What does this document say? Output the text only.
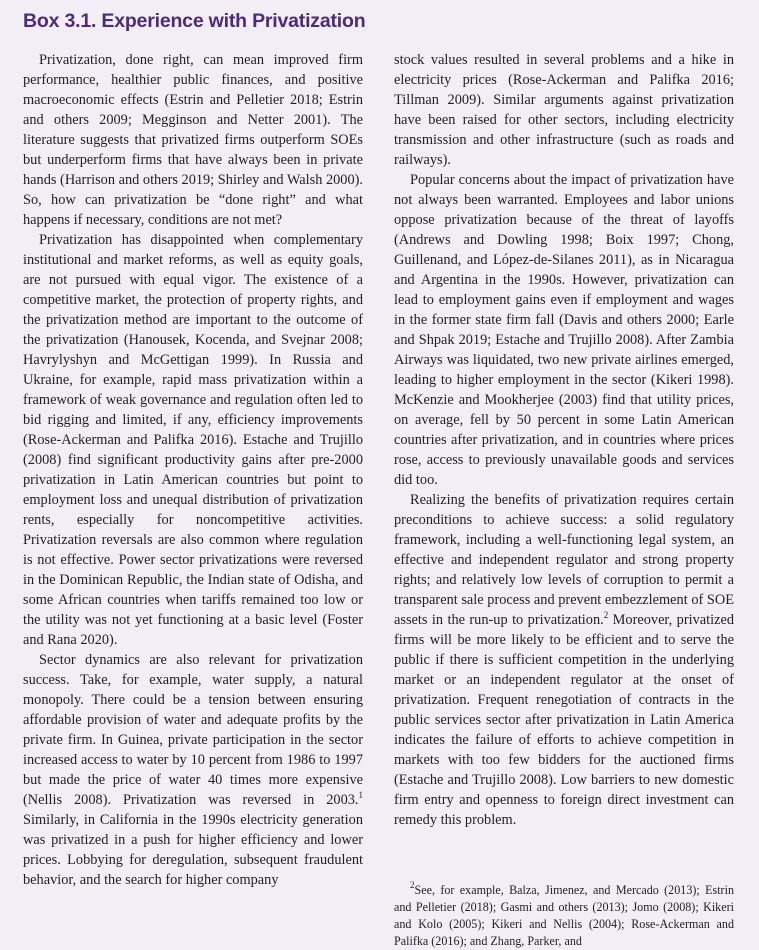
Box 3.1. Experience with Privatization

Privatization, done right, can mean improved firm performance, healthier public finances, and positive macroeconomic effects (Estrin and Pelletier 2018; Estrin and others 2009; Megginson and Netter 2001). The literature suggests that privatized firms outperform SOEs but underperform firms that have always been in private hands (Harrison and others 2019; Shirley and Walsh 2000). So, how can privatization be “done right” and what happens if necessary, conditions are not met?

Privatization has disappointed when complementary institutional and market reforms, as well as equity goals, are not pursued with equal vigor. The existence of a competitive market, the protection of property rights, and the privatization method are important to the outcome of the privatization (Hanousek, Kocenda, and Svejnar 2008; Havrylyshyn and McGettigan 1999). In Russia and Ukraine, for example, rapid mass privatization within a framework of weak governance and regulation often led to bid rigging and limited, if any, efficiency improvements (Rose-Ackerman and Palifka 2016). Estache and Trujillo (2008) find significant productivity gains after pre-2000 privatization in Latin American countries but point to employment loss and unequal distribution of privatization rents, especially for noncompetitive activities. Privatization reversals are also common where regulation is not effective. Power sector privatizations were reversed in the Dominican Republic, the Indian state of Odisha, and some African countries when tariffs remained too low or the utility was not yet functioning at a basic level (Foster and Rana 2020).

Sector dynamics are also relevant for privatization success. Take, for example, water supply, a natural monopoly. There could be a tension between ensuring affordable provision of water and adequate profits by the private firm. In Guinea, private participation in the sector increased access to water by 10 percent from 1986 to 1997 but made the price of water 40 times more expensive (Nellis 2008). Privatization was reversed in 2003.$^1$ Similarly, in California in the 1990s electricity generation was privatized in a push for higher efficiency and lower prices. Lobbying for deregulation, subsequent fraudulent behavior, and the search for higher company

stock values resulted in several problems and a hike in electricity prices (Rose-Ackerman and Palifka 2016; Tillman 2009). Similar arguments against privatization have been raised for other sectors, including electricity transmission and other infrastructure (such as roads and railways).

Popular concerns about the impact of privatization have not always been warranted. Employees and labor unions oppose privatization because of the threat of layoffs (Andrews and Dowling 1998; Boix 1997; Chong, Guillenand, and López-de-Silanes 2011), as in Nicaragua and Argentina in the 1990s. However, privatization can lead to employment gains even if employment and wages in the former state firm fall (Davis and others 2000; Earle and Shpak 2019; Estache and Trujillo 2008). After Zambia Airways was liquidated, two new private airlines emerged, leading to higher employment in the sector (Kikeri 1998). McKenzie and Mookherjee (2003) find that utility prices, on average, fell by 50 percent in some Latin American countries after privatization, and in countries where prices rose, access to previously unavailable goods and services did too.

Realizing the benefits of privatization requires certain preconditions to achieve success: a solid regulatory framework, including a well-functioning legal system, an effective and independent regulator and strong property rights; and relatively low levels of corruption to permit a transparent sale process and prevent embezzlement of SOE assets in the run-up to privatization.$^2$ Moreover, privatized firms will be more likely to be efficient and to serve the public if there is sufficient competition in the underlying market or an independent regulator at the onset of privatization. Frequent renegotiation of contracts in the public services sector after privatization in Latin America indicates the failure of efforts to achieve competition in markets with too few bidders for the auctioned firms (Estache and Trujillo 2008). Low barriers to new domestic firm entry and openness to foreign direct investment can remedy this problem.

$^2$See, for example, Balza, Jimenez, and Mercado (2013); Estrin and Pelletier (2018); Gasmi and others (2013); Jomo (2008); Kikeri and Kolo (2005); Kikeri and Nellis (2004); Rose-Ackerman and Palifka (2016); and Zhang, Parker, and
